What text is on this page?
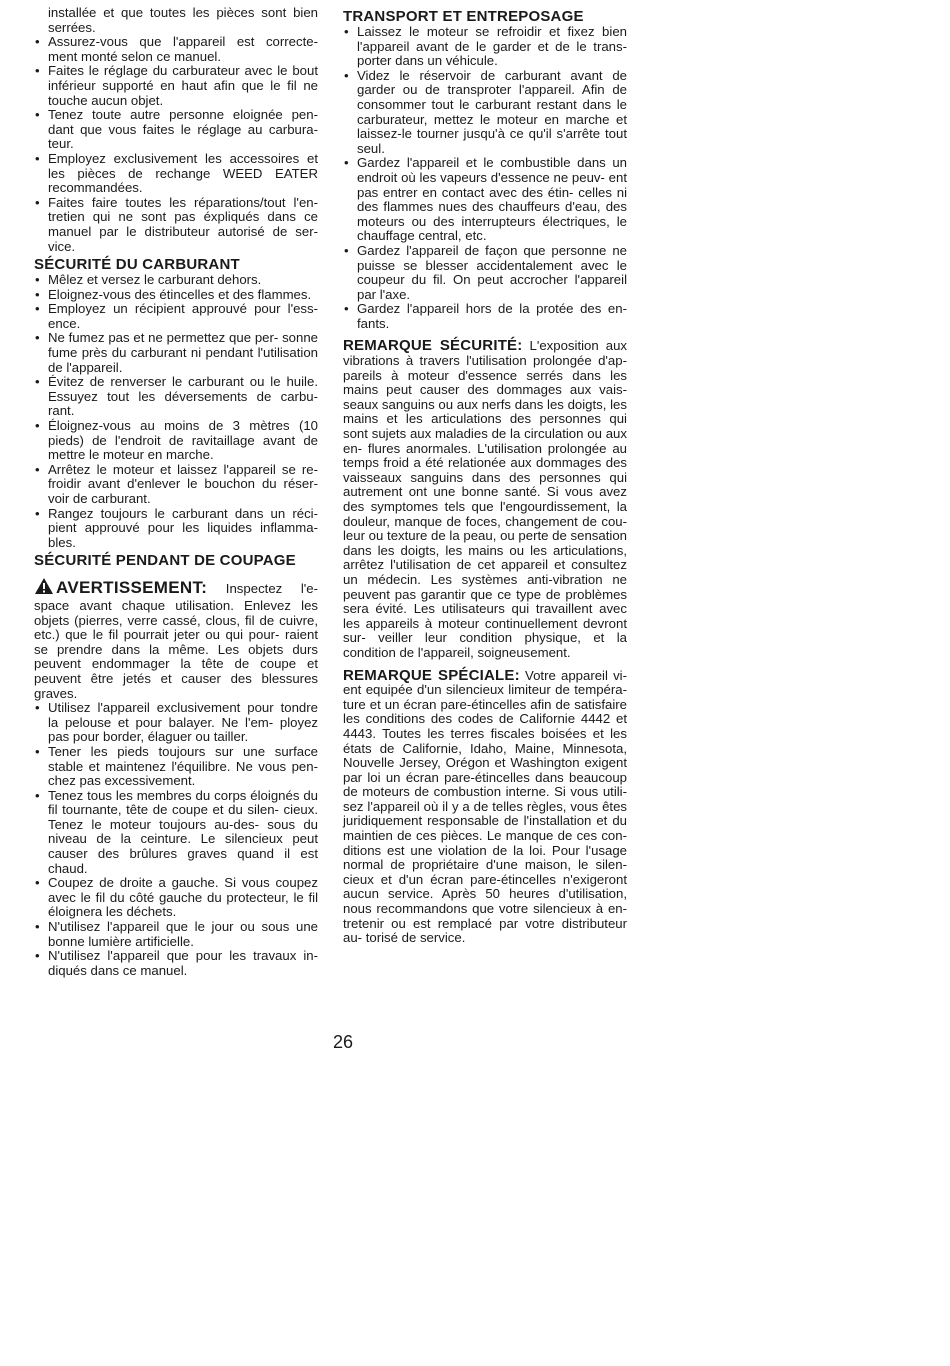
installée et que toutes les pièces sont bien serrées.

• Assurez-vous que l'appareil est correcte- ment monté selon ce manuel.
• Faites le réglage du carburateur avec le bout inférieur supporté en haut afin que le fil ne touche aucun objet.
• Tenez toute autre personne eloignée pen- dant que vous faites le réglage au carbura- teur.
• Employez exclusivement les accessoires et les pièces de rechange WEED EATER recommandées.
• Faites faire toutes les réparations/tout l'en- tretien qui ne sont pas éxpliqués dans ce manuel par le distributeur autorisé de ser- vice.
SÉCURITÉ DU CARBURANT
• Mêlez et versez le carburant dehors.
• Eloignez-vous des étincelles et des flammes.
• Employez un récipient approuvé pour l'ess- ence.
• Ne fumez pas et ne permettez que per- sonne fume près du carburant ni pendant l'utilisation de l'appareil.
• Évitez de renverser le carburant ou le huile. Essuyez tout les déversements de carbu- rant.
• Éloignez-vous au moins de 3 mètres (10 pieds) de l'endroit de ravitaillage avant de mettre le moteur en marche.
• Arrêtez le moteur et laissez l'appareil se re- froidir avant d'enlever le bouchon du réser- voir de carburant.
• Rangez toujours le carburant dans un réci- pient approuvé pour les liquides inflamma- bles.
SÉCURITÉ PENDANT DE COUPAGE

AVERTISSEMENT: Inspectez l'e- space avant chaque utilisation. Enlevez les objets (pierres, verre cassé, clous, fil de cuivre, etc.) que le fil pourrait jeter ou qui pour- raient se prendre dans la même. Les objets durs peuvent endommager la tête de coupe et peuvent être jetés et causer des blessures graves.

• Utilisez l'appareil exclusivement pour tondre la pelouse et pour balayer. Ne l'em- ployez pas pour border, élaguer ou tailler.
• Tener les pieds toujours sur une surface stable et maintenez l'équilibre. Ne vous pen- chez pas excessivement.
• Tenez tous les membres du corps éloignés du fil tournante, tête de coupe et du silen- cieux. Tenez le moteur toujours au-des- sous du niveau de la ceinture. Le silencieux peut causer des brûlures graves quand il est chaud.
• Coupez de droite a gauche. Si vous coupez avec le fil du côté gauche du protecteur, le fil éloignera les déchets.
• N'utilisez l'appareil que le jour ou sous une bonne lumière artificielle.
• N'utilisez l'appareil que pour les travaux in- diqués dans ce manuel.
TRANSPORT ET ENTREPOSAGE
• Laissez le moteur se refroidir et fixez bien l'appareil avant de le garder et de le trans- porter dans un véhicule.
• Videz le réservoir de carburant avant de garder ou de transproter l'appareil. Afin de consommer tout le carburant restant dans le carburateur, mettez le moteur en marche et laissez-le tourner jusqu'à ce qu'il s'arrête tout seul.
• Gardez l'appareil et le combustible dans un endroit où les vapeurs d'essence ne peuv- ent pas entrer en contact avec des étin- celles ni des flammes nues des chauffeurs d'eau, des moteurs ou des interrupteurs électriques, le chauffage central, etc.
• Gardez l'appareil de façon que personne ne puisse se blesser accidentalement avec le coupeur du fil. On peut accrocher l'appareil par l'axe.
• Gardez l'appareil hors de la protée des en- fants.

REMARQUE SÉCURITÉ: L'exposition aux vibrations à travers l'utilisation prolongée d'ap- pareils à moteur d'essence serrés dans les mains peut causer des dommages aux vais- seaux sanguins ou aux nerfs dans les doigts, les mains et les articulations des personnes qui sont sujets aux maladies de la circulation ou aux en- flures anormales. L'utilisation prolongée au temps froid a été relationée aux dommages des vaisseaux sanguins dans des personnes qui autrement ont une bonne santé. Si vous avez des symptomes tels que l'engourdissement, la douleur, manque de foces, changement de cou- leur ou texture de la peau, ou perte de sensation dans les doigts, les mains ou les articulations, arrêtez l'utilisation de cet appareil et consultez un médecin. Les systèmes anti-vibration ne peuvent pas garantir que ce type de problèmes sera évité. Les utilisateurs qui travaillent avec les appareils à moteur continuellement devront sur- veiller leur condition physique, et la condition de l'appareil, soigneusement.

REMARQUE SPÉCIALE: Votre appareil vi- ent equipée d'un silencieux limiteur de tempéra- ture et un écran pare-étincelles afin de satisfaire les conditions des codes de Californie 4442 et 4443. Toutes les terres fiscales boisées et les états de Californie, Idaho, Maine, Minnesota, Nouvelle Jersey, Orégon et Washington exigent par loi un écran pare-étincelles dans beaucoup de moteurs de combustion interne. Si vous utili- sez l'appareil où il y a de telles règles, vous êtes juridiquement responsable de l'installation et du maintien de ces pièces. Le manque de ces con- ditions est une violation de la loi. Pour l'usage normal de propriétaire d'une maison, le silen- cieux et d'un écran pare-étincelles n'exigeront aucun service. Après 50 heures d'utilisation, nous recommandons que votre silencieux à en- tretenir ou est remplacé par votre distributeur au- torisé de service.

26
